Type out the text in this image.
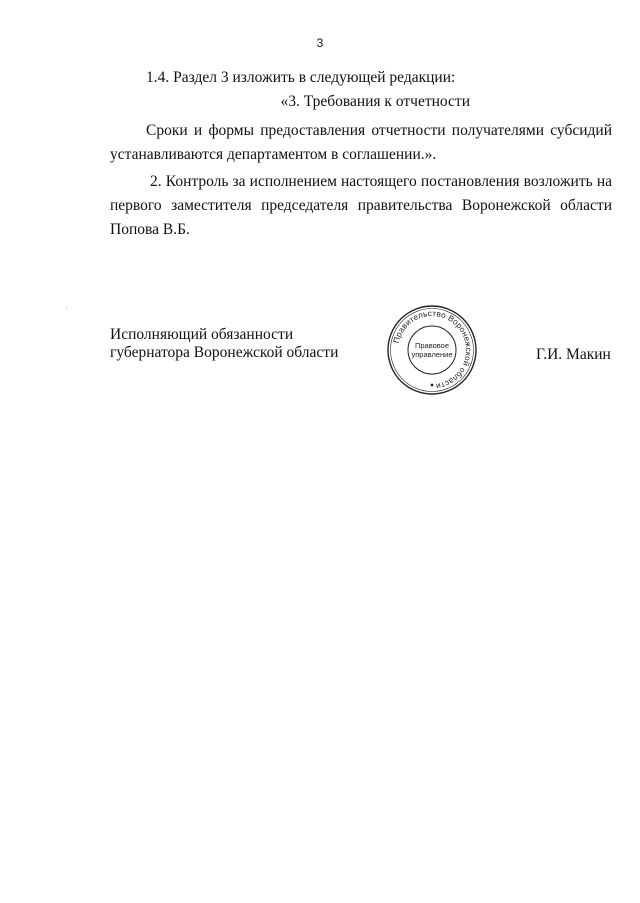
3
1.4. Раздел 3 изложить в следующей редакции:
«3. Требования к отчетности
Сроки и формы предоставления отчетности получателями субсидий устанавливаются департаментом в соглашении.».
2. Контроль за исполнением настоящего постановления возложить на первого заместителя председателя правительства Воронежской области Попова В.Б.
Исполняющий обязанности
губернатора Воронежской области
Правительство Воронежской области
Правовое
управление	Г.И. Макин
